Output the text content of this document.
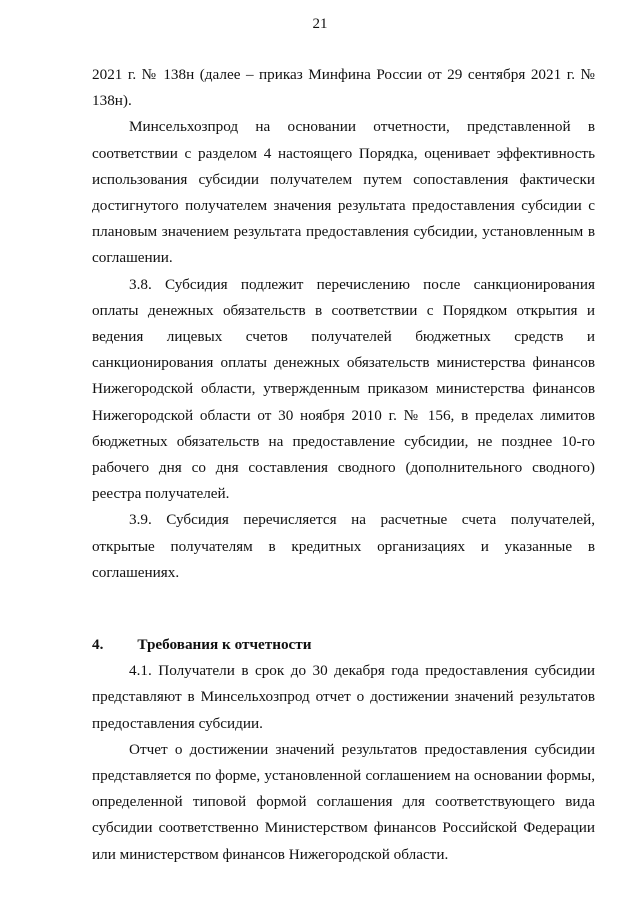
21

2021 г. № 138н (далее – приказ Минфина России от 29 сентября 2021 г. № 138н).

Минсельхозпрод на основании отчетности, представленной в соответствии с разделом 4 настоящего Порядка, оценивает эффективность использования субсидии получателем путем сопоставления фактически достигнутого получателем значения результата предоставления субсидии с плановым значением результата предоставления субсидии, установленным в соглашении.

3.8. Субсидия подлежит перечислению после санкционирования оплаты денежных обязательств в соответствии с Порядком открытия и ведения лицевых счетов получателей бюджетных средств и санкционирования оплаты денежных обязательств министерства финансов Нижегородской области, утвержденным приказом министерства финансов Нижегородской области от 30 ноября 2010 г. № 156, в пределах лимитов бюджетных обязательств на предоставление субсидии, не позднее 10-го рабочего дня со дня составления сводного (дополнительного сводного) реестра получателей.

3.9. Субсидия перечисляется на расчетные счета получателей, открытые получателям в кредитных организациях и указанные в соглашениях.

4. Требования к отчетности

4.1. Получатели в срок до 30 декабря года предоставления субсидии представляют в Минсельхозпрод отчет о достижении значений результатов предоставления субсидии.

Отчет о достижении значений результатов предоставления субсидии представляется по форме, установленной соглашением на основании формы, определенной типовой формой соглашения для соответствующего вида субсидии соответственно Министерством финансов Российской Федерации или министерством финансов Нижегородской области.
